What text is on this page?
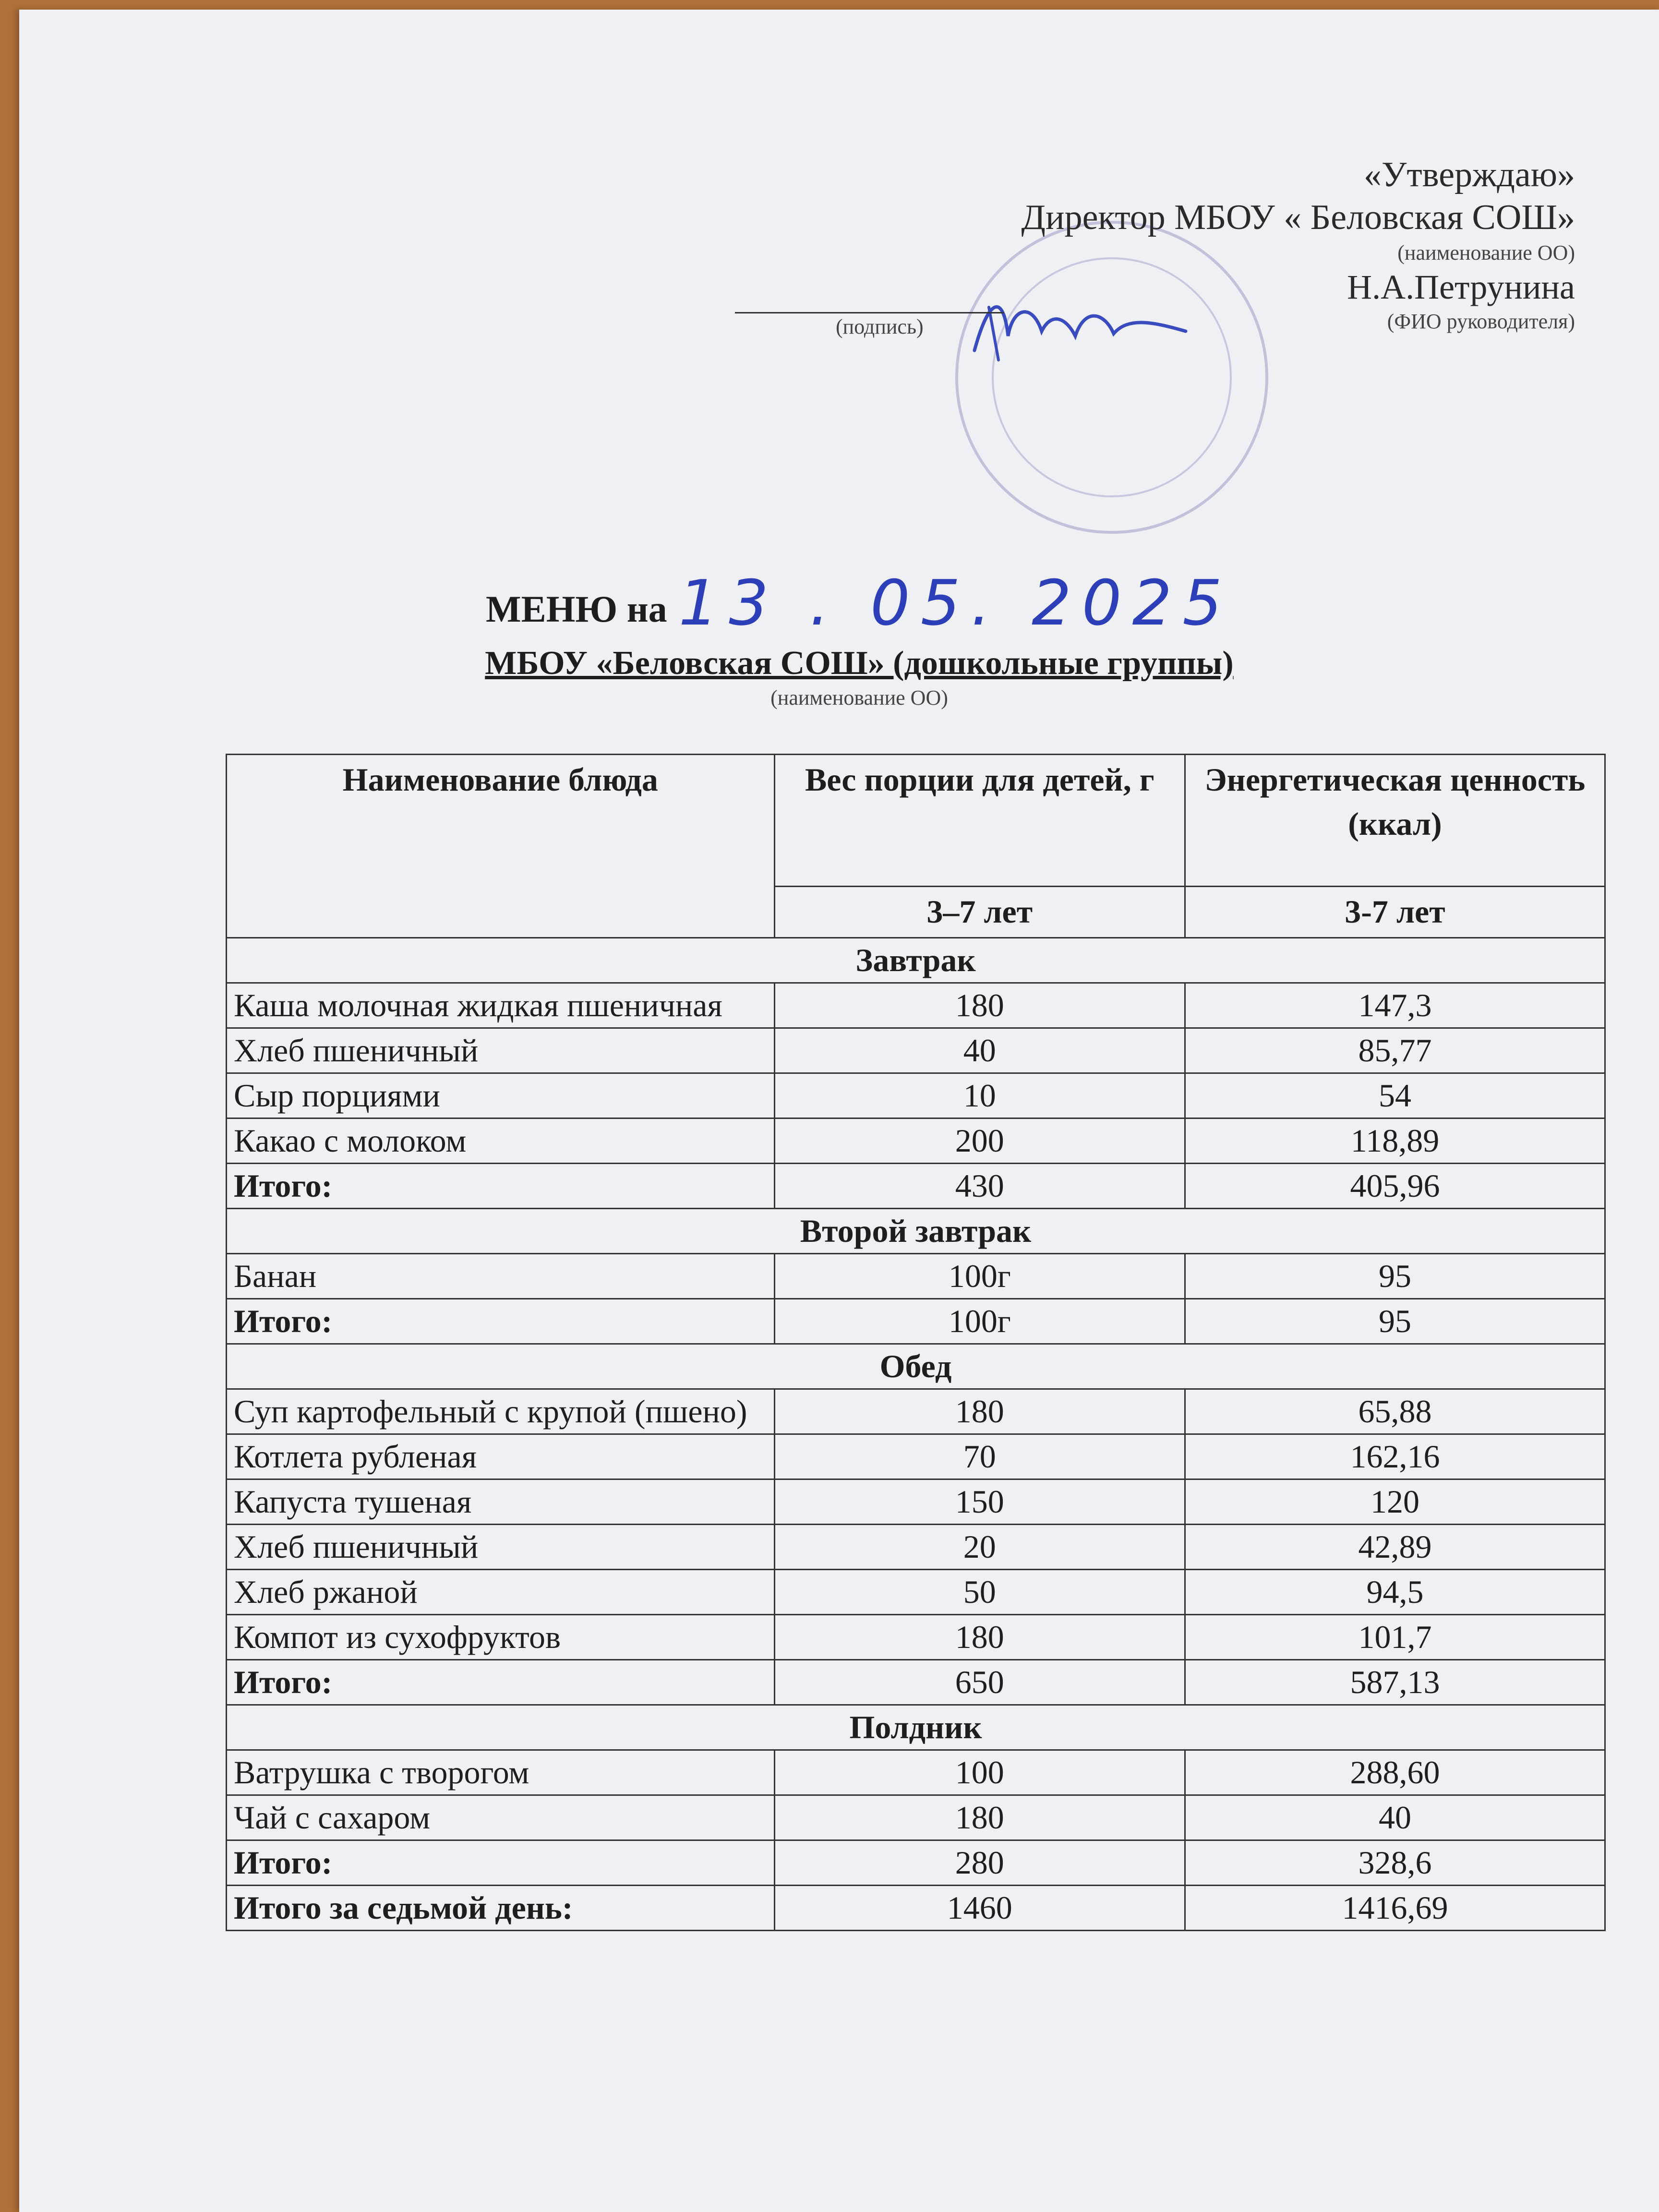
«Утверждаю»
Директор МБОУ « Беловская СОШ»
(наименование ОО)
Н.А.Петрунина
(ФИО руководителя)
(подпись)
МЕНЮ на 13 . 05. 2025
МБОУ «Беловская СОШ» (дошкольные группы)
(наименование ОО)
Наименование блюда	Вес порции для детей, г	Энергетическая ценность (ккал)
	3–7 лет	3-7 лет
Завтрак		
Каша молочная жидкая пшеничная	180	147,3
Хлеб пшеничный	40	85,77
Сыр порциями	10	54
Какао с молоком	200	118,89
Итого:	430	405,96
Второй завтрак		
Банан	100г	95
Итого:	100г	95
Обед		
Суп картофельный с крупой (пшено)	180	65,88
Котлета рубленая	70	162,16
Капуста тушеная	150	120
Хлеб пшеничный	20	42,89
Хлеб ржаной	50	94,5
Компот из сухофруктов	180	101,7
Итого:	650	587,13
Полдник		
Ватрушка с творогом	100	288,60
Чай с сахаром	180	40
Итого:	280	328,6
Итого за седьмой день:	1460	1416,69
